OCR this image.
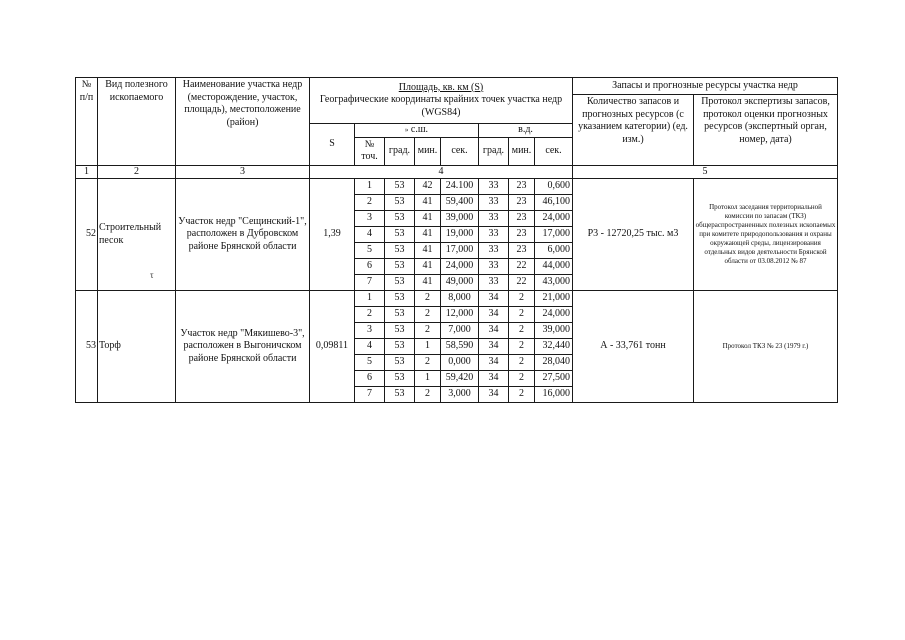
№ п/п	Вид полезного ископаемого	Наименование участка недр (месторождение, участок, площадь), местоположение (район)	Площадь, кв. км (S)
Географические координаты крайних точек участка недр (WGS84)								Запасы и прогнозные ресурсы участка недр	
											Количество запасов и прогнозных ресурсов (с указанием категории) (ед. изм.)	Протокол экспертизы запасов, протокол оценки прогнозных ресурсов (экспертный орган, номер, дата)
			S	» с.ш.				в.д.				
				№ точ.	град.	мин.	сек.	град.	мин.	сек.		
1	2	3	4								5	
52	Строительный песок	Участок недр "Сещинский-1", расположен в Дубровском районе Брянской области	1,39	1	53	42	24.100	33	23	0,600	Р3 - 12720,25 тыс. м3	Протокол заседания территориальной комиссии по запасам (ТКЗ) общераспространенных полезных ископаемых при комитете природопользования и охраны окружающей среды, лицензирования отдельных видов деятельности Брянской области от 03.08.2012 № 87
				2	53	41	59,400	33	23	46,100		
				3	53	41	39,000	33	23	24,000		
				4	53	41	19,000	33	23	17,000		
				5	53	41	17,000	33	23	6,000		
				6	53	41	24,000	33	22	44,000		
				7	53	41	49,000	33	22	43,000		
53	Торф	Участок недр "Мякишево-3", расположен в Выгоничском районе Брянской области	0,09811	1	53	2	8,000	34	2	21,000	А - 33,761 тонн	Протокол ТКЗ № 23 (1979 г.)
				2	53	2	12,000	34	2	24,000		
				3	53	2	7,000	34	2	39,000		
				4	53	1	58,590	34	2	32,440		
				5	53	2	0,000	34	2	28,040		
				6	53	1	59,420	34	2	27,500		
				7	53	2	3,000	34	2	16,000		
τ
